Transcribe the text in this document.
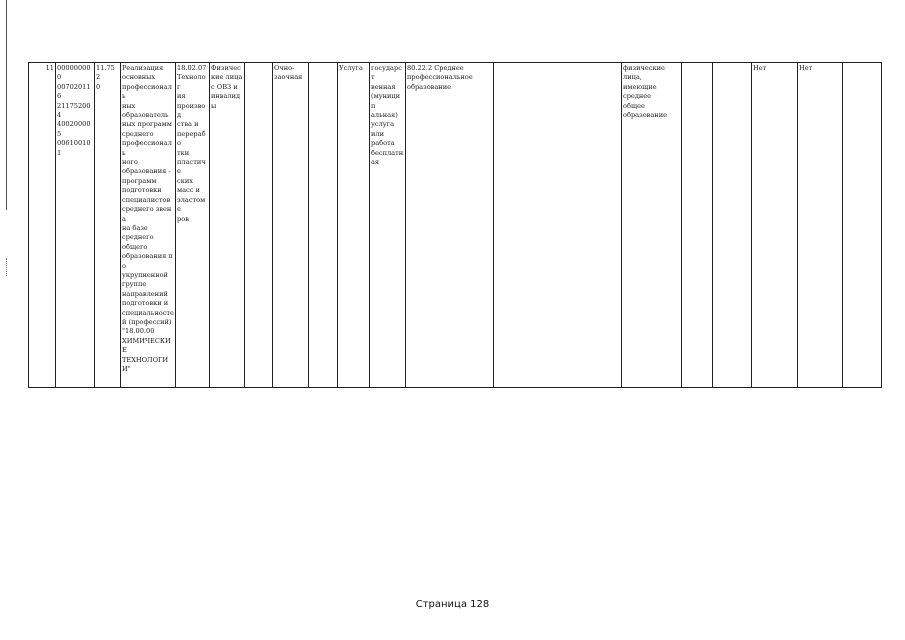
11	000000000
007020116
211752004
400200005
006100101	11.752
0	Реализация
основных
профессиональ
ных
образователь
ных программ
среднего
профессиональ
ного
образования -
программ
подготовки
специалистов
среднего звена
на базе
среднего
общего
образования по
укрупненной
группе
направлений
подготовки и
специальносте
й (профессий)
"18.00.00
ХИМИЧЕСКИ
Е
ТЕХНОЛОГИ
И"	18.02.07
Технолог
ия
производ
ства и
перерабо
тки
пластиче
ских
масс и
эластоме
ров	Физичес
кие лица
с ОВЗ и
инвалид
ы		Очно-
заочная		Услуга	государст
венная
(муницип
альная)
услуга
или
работа
бесплатн
ая	80.22.2 Среднее
профессиональное
образование		физические
лица,
имеющие
среднее
общее
образование			Нет	Нет	
Страница 128
